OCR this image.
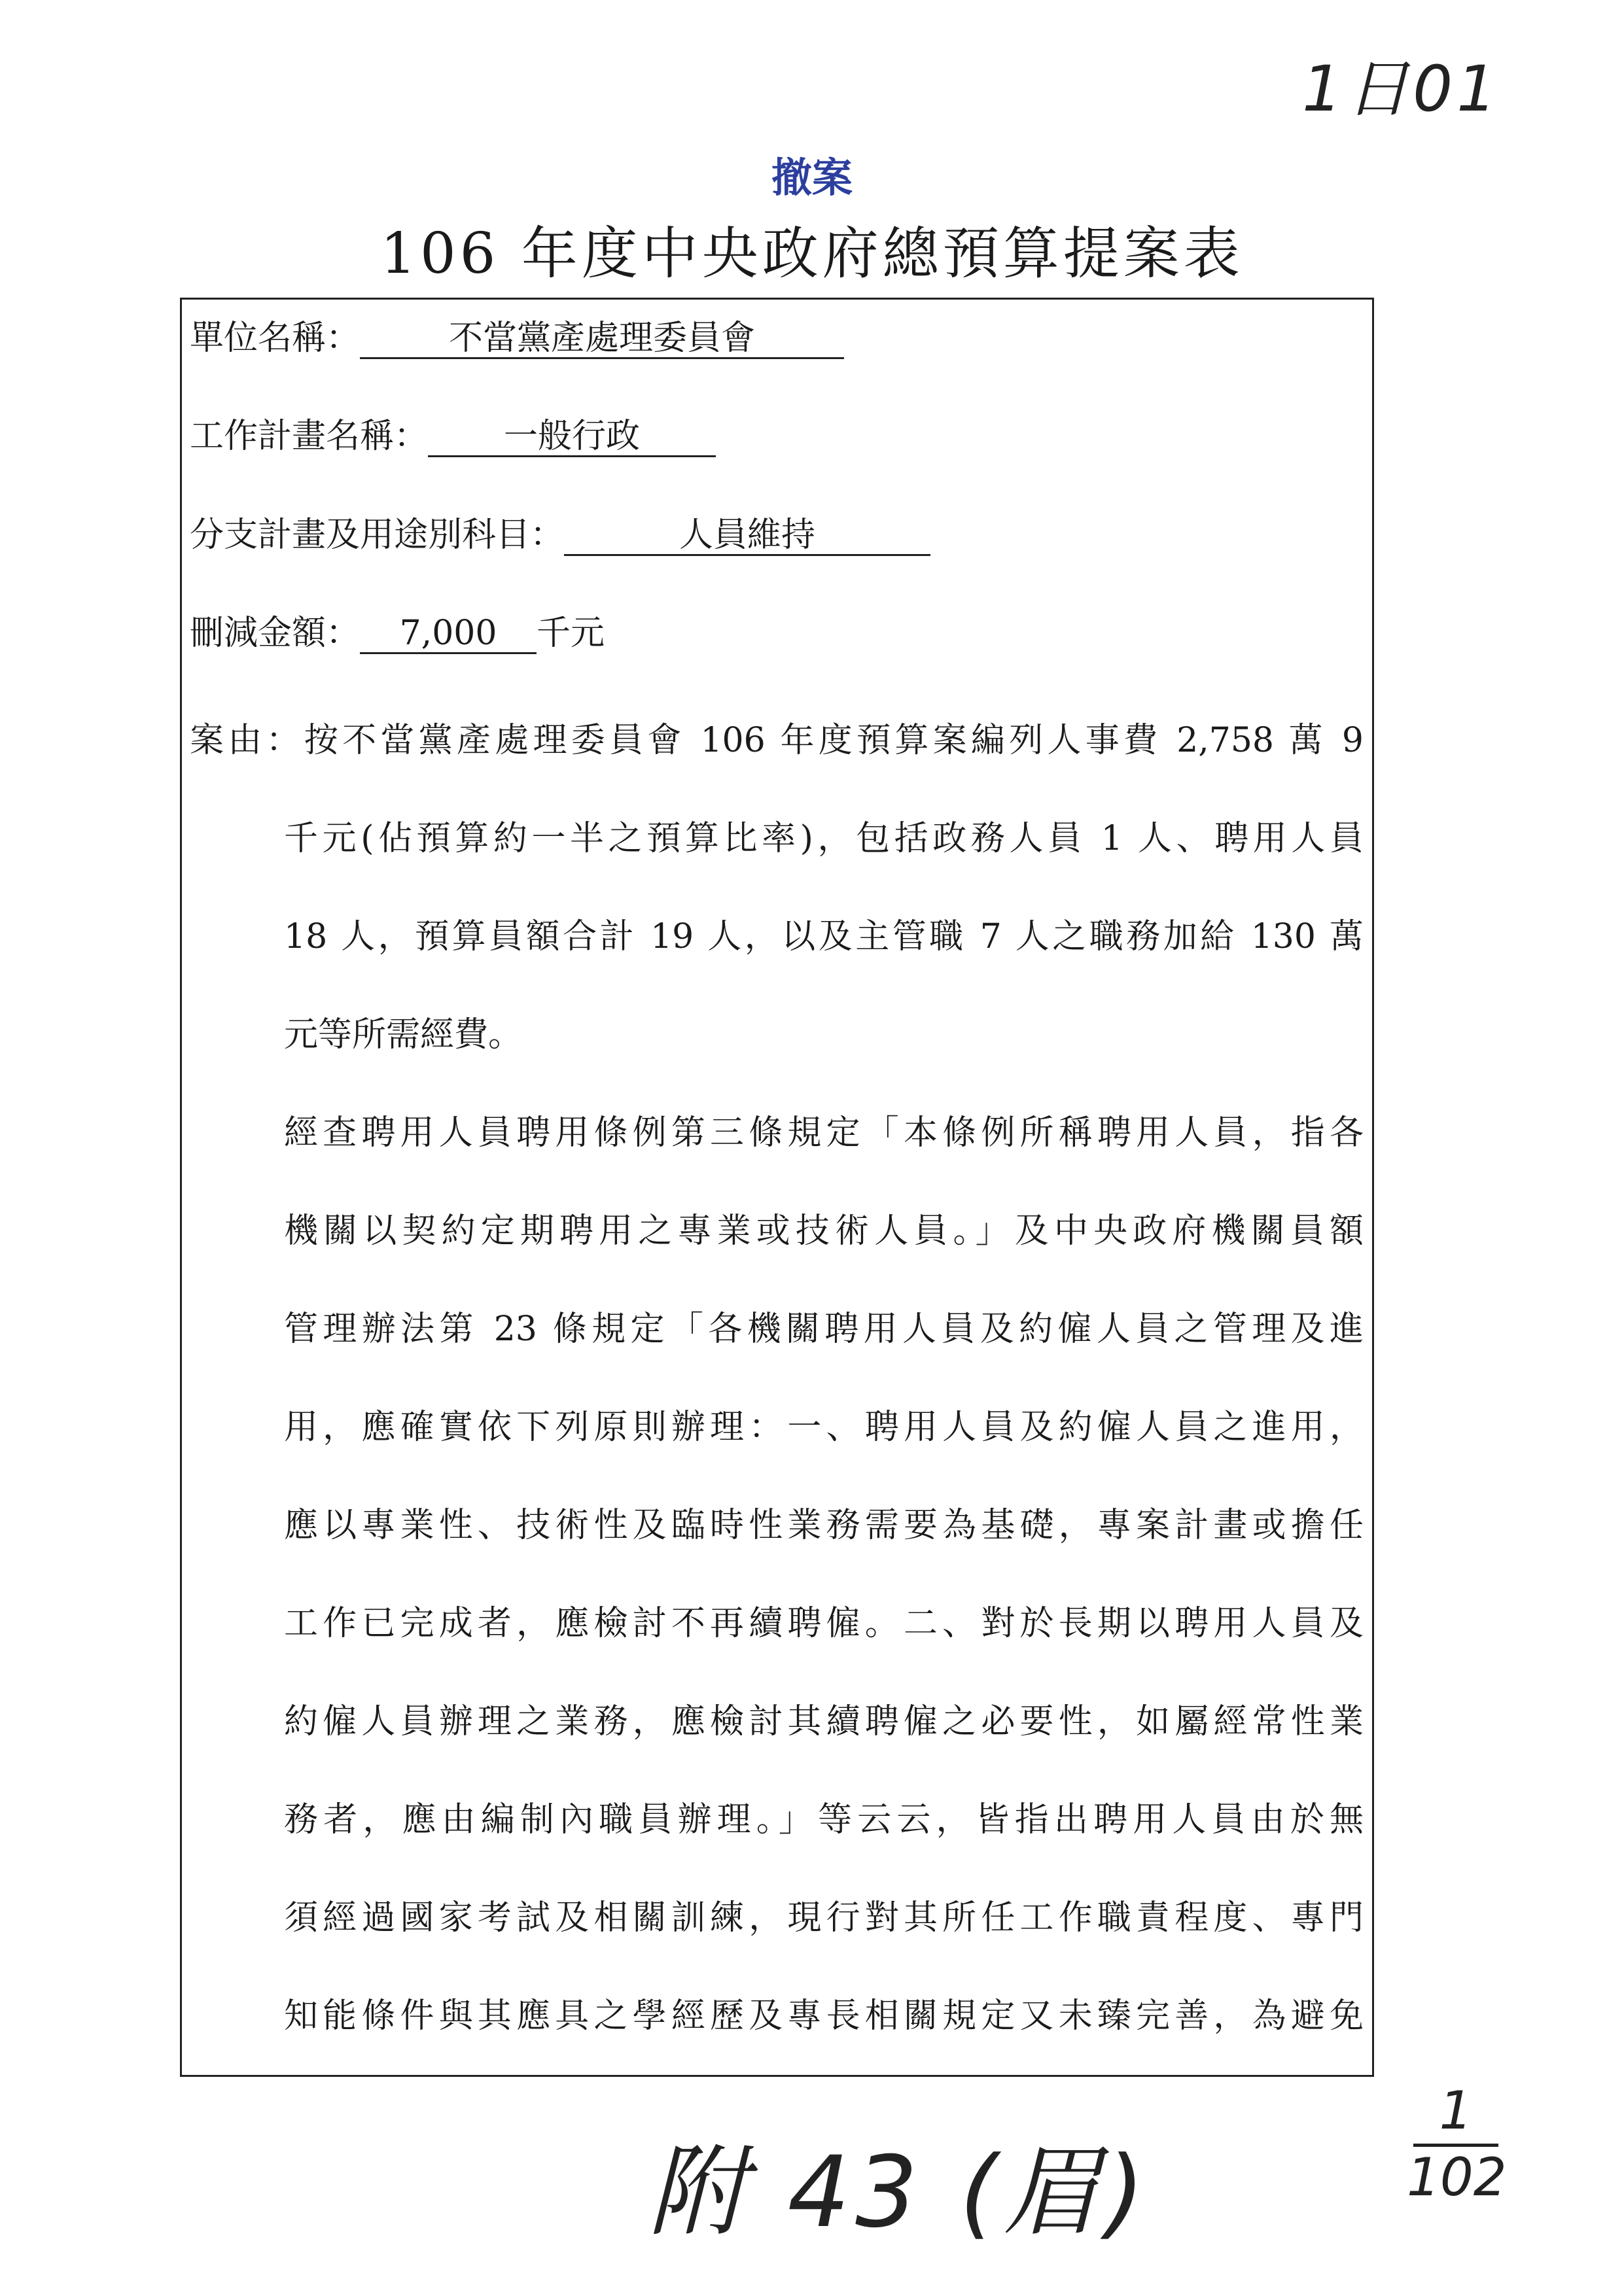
1日01
撤案
106 年度中央政府總預算提案表
單位名稱：	不當黨產處理委員會
工作計畫名稱： 一般行政
分支計畫及用途別科目：	人員維持
刪減金額： 7,000 千元
案由：按不當黨產處理委員會 106 年度預算案編列人事費 2,758 萬 9
千元(佔預算約一半之預算比率)，包括政務人員 1 人、聘用人員
18 人，預算員額合計 19 人，以及主管職 7 人之職務加給 130 萬
元等所需經費。
經查聘用人員聘用條例第三條規定「本條例所稱聘用人員，指各
機關以契約定期聘用之專業或技術人員。」及中央政府機關員額
管理辦法第 23 條規定「各機關聘用人員及約僱人員之管理及進
用，應確實依下列原則辦理：一、聘用人員及約僱人員之進用，
應以專業性、技術性及臨時性業務需要為基礎，專案計畫或擔任
工作已完成者，應檢討不再續聘僱。二、對於長期以聘用人員及
約僱人員辦理之業務，應檢討其續聘僱之必要性，如屬經常性業
務者，應由編制內職員辦理。」等云云，皆指出聘用人員由於無
須經過國家考試及相關訓練，現行對其所任工作職責程度、專門
知能條件與其應具之學經歷及專長相關規定又未臻完善，為避免
附 43 (眉)
1
102
